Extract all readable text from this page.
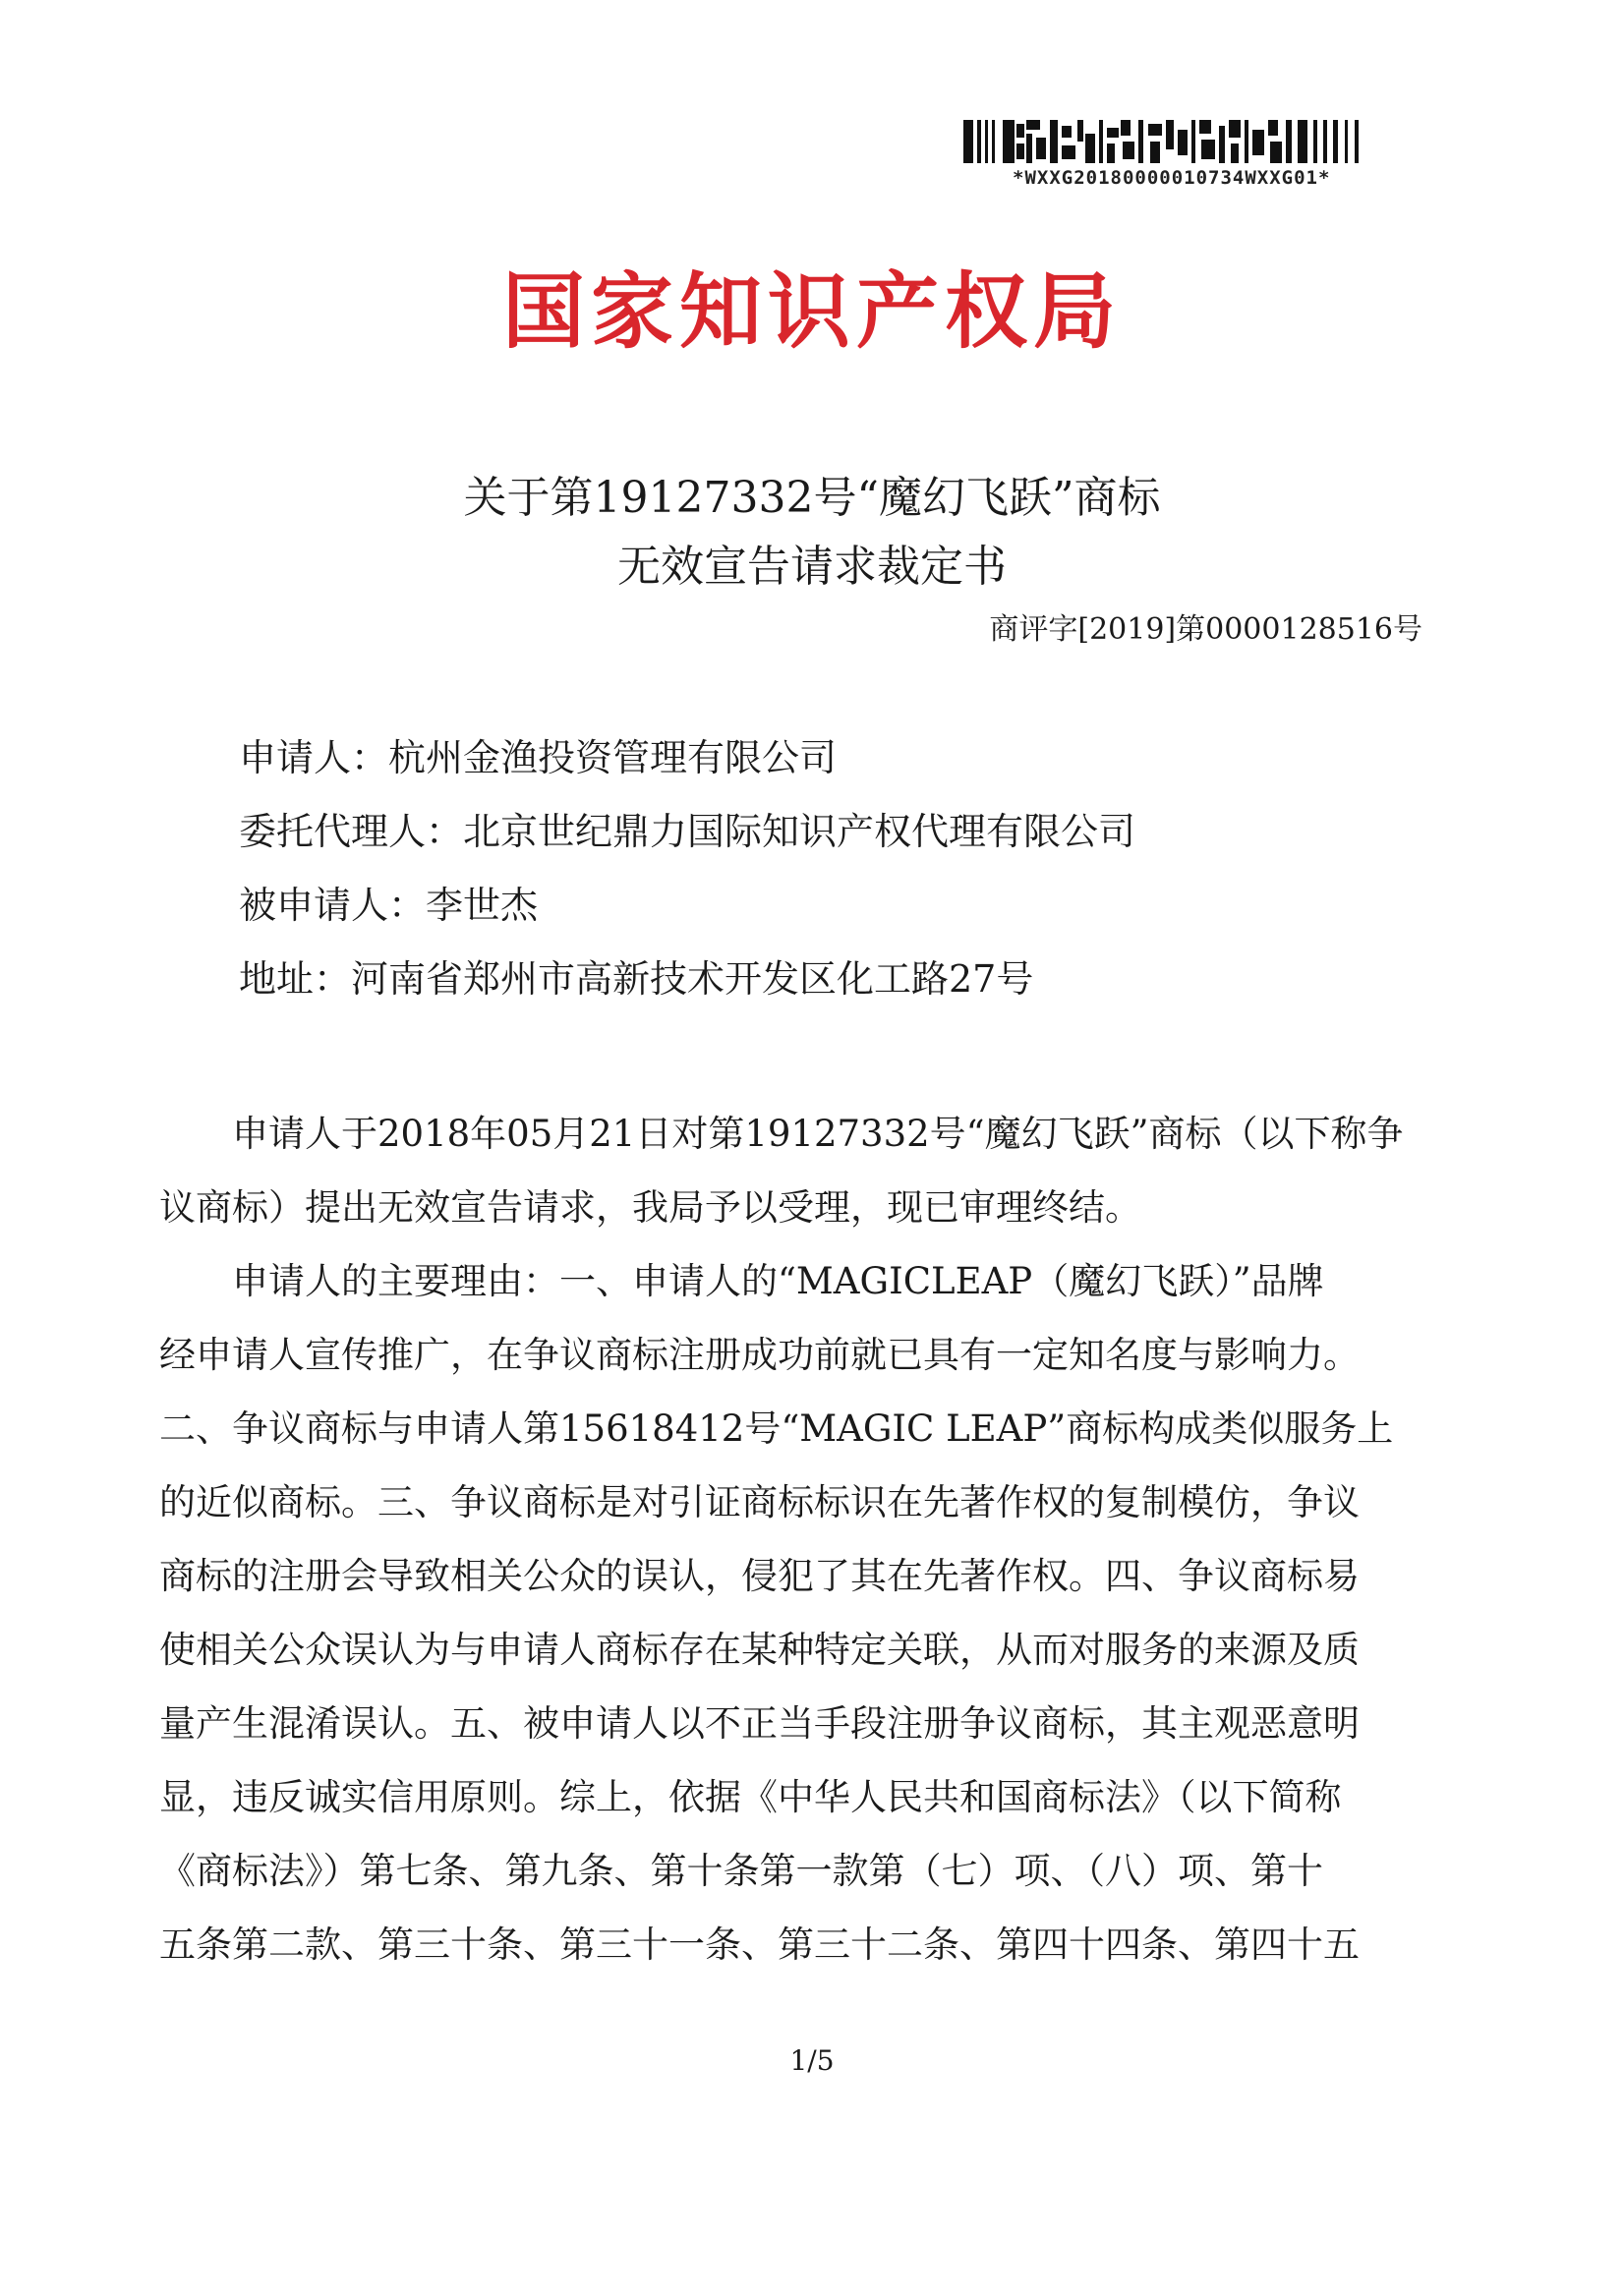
*WXXG20180000010734WXXG01*
国家知识产权局
关于第19127332号“魔幻飞跃”商标
无效宣告请求裁定书
商评字[2019]第0000128516号
申请人：杭州金渔投资管理有限公司
委托代理人：北京世纪鼎力国际知识产权代理有限公司
被申请人：李世杰
地址：河南省郑州市高新技术开发区化工路27号
　　申请人于2018年05月21日对第19127332号“魔幻飞跃”商标（以下称争
议商标）提出无效宣告请求，我局予以受理，现已审理终结。
　　申请人的主要理由：一、申请人的“MAGICLEAP（魔幻飞跃）”品牌
经申请人宣传推广，在争议商标注册成功前就已具有一定知名度与影响力。
二、争议商标与申请人第15618412号“MAGIC LEAP”商标构成类似服务上
的近似商标。三、争议商标是对引证商标标识在先著作权的复制模仿，争议
商标的注册会导致相关公众的误认，侵犯了其在先著作权。四、争议商标易
使相关公众误认为与申请人商标存在某种特定关联，从而对服务的来源及质
量产生混淆误认。五、被申请人以不正当手段注册争议商标，其主观恶意明
显，违反诚实信用原则。综上，依据《中华人民共和国商标法》（以下简称
《商标法》）第七条、第九条、第十条第一款第（七）项、（八）项、第十
五条第二款、第三十条、第三十一条、第三十二条、第四十四条、第四十五
1/5
